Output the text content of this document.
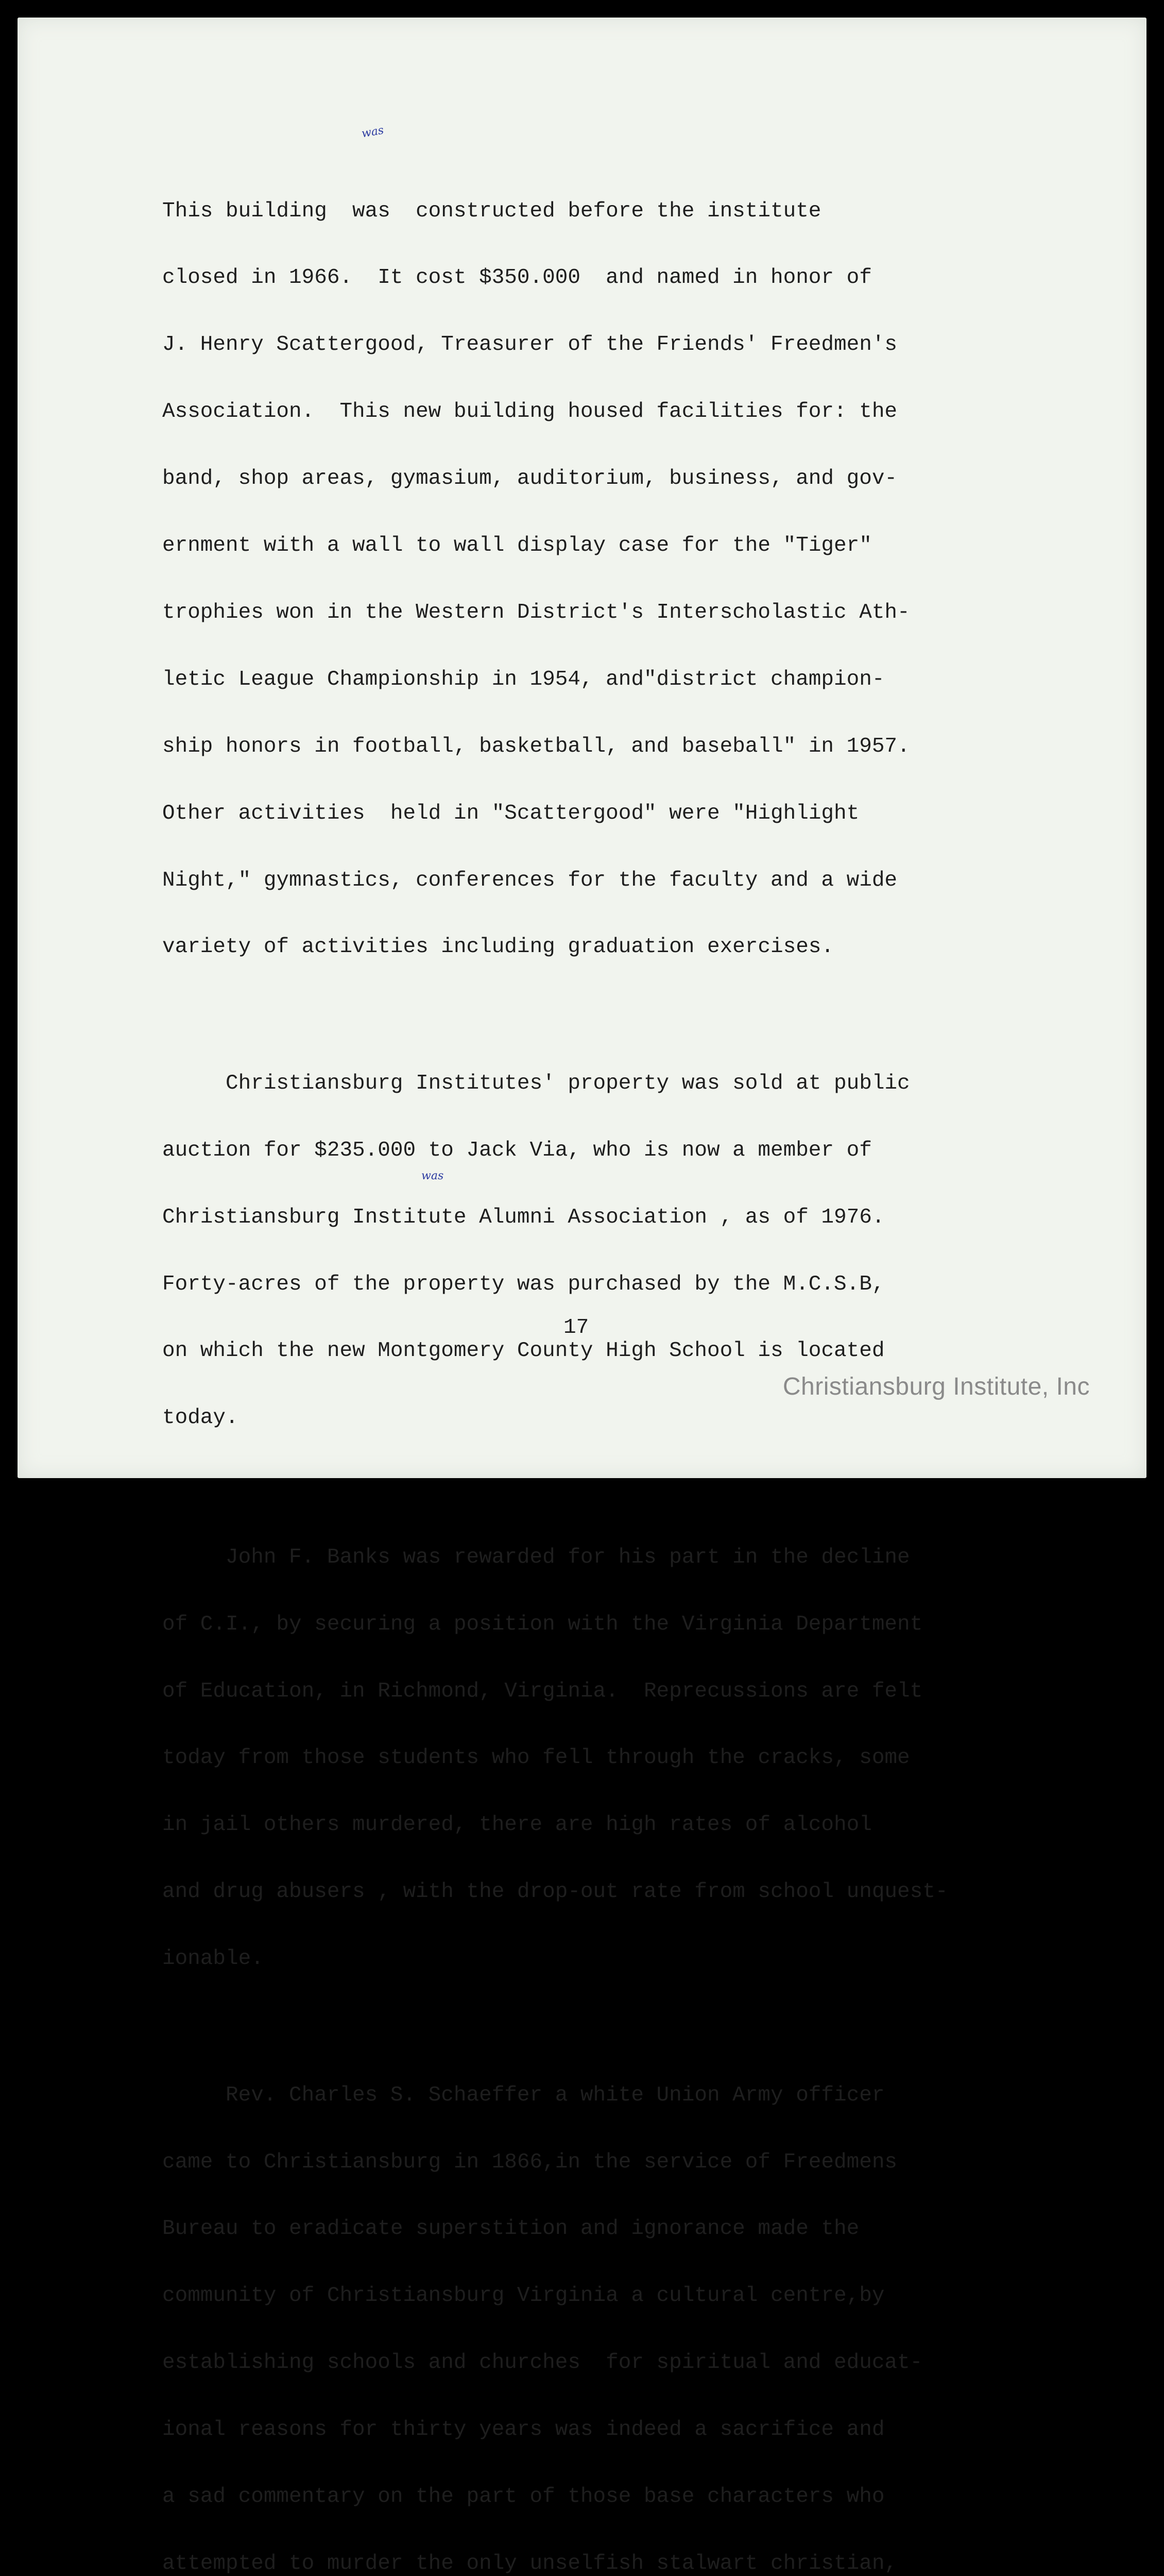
was
was

This building  was  constructed before the institute

closed in 1966.  It cost $350.000  and named in honor of

J. Henry Scattergood, Treasurer of the Friends' Freedmen's

Association.  This new building housed facilities for: the

band, shop areas, gymasium, auditorium, business, and gov-

ernment with a wall to wall display case for the "Tiger"

trophies won in the Western District's Interscholastic Ath-

letic League Championship in 1954, and"district champion-

ship honors in football, basketball, and baseball" in 1957.

Other activities  held in "Scattergood" were "Highlight

Night," gymnastics, conferences for the faculty and a wide

variety of activities including graduation exercises.

Christiansburg Institutes' property was sold at public

auction for $235.000 to Jack Via, who is now a member of

Christiansburg Institute Alumni Association , as of 1976.

Forty-acres of the property was purchased by the M.C.S.B,

on which the new Montgomery County High School is located

today.

John F. Banks was rewarded for his part in the decline

of C.I., by securing a position with the Virginia Department

of Education, in Richmond, Virginia.  Reprecussions are felt

today from those students who fell through the cracks, some

in jail others murdered, there are high rates of alcohol

and drug abusers , with the drop-out rate from school unquest-

ionable.

Rev. Charles S. Schaeffer a white Union Army officer

came to Christiansburg in 1866,in the service of Freedmens

Bureau to eradicate superstition and ignorance made the

community of Christiansburg Virginia a cultural centre,by

establishing schools and churches  for spiritual and educat-

ional reasons for thirty years was indeed a sacrifice and

a sad commentary on the part of those base characters who

attempted to murder the only unselfish stalwart christian,

17
Christiansburg Institute, Inc
